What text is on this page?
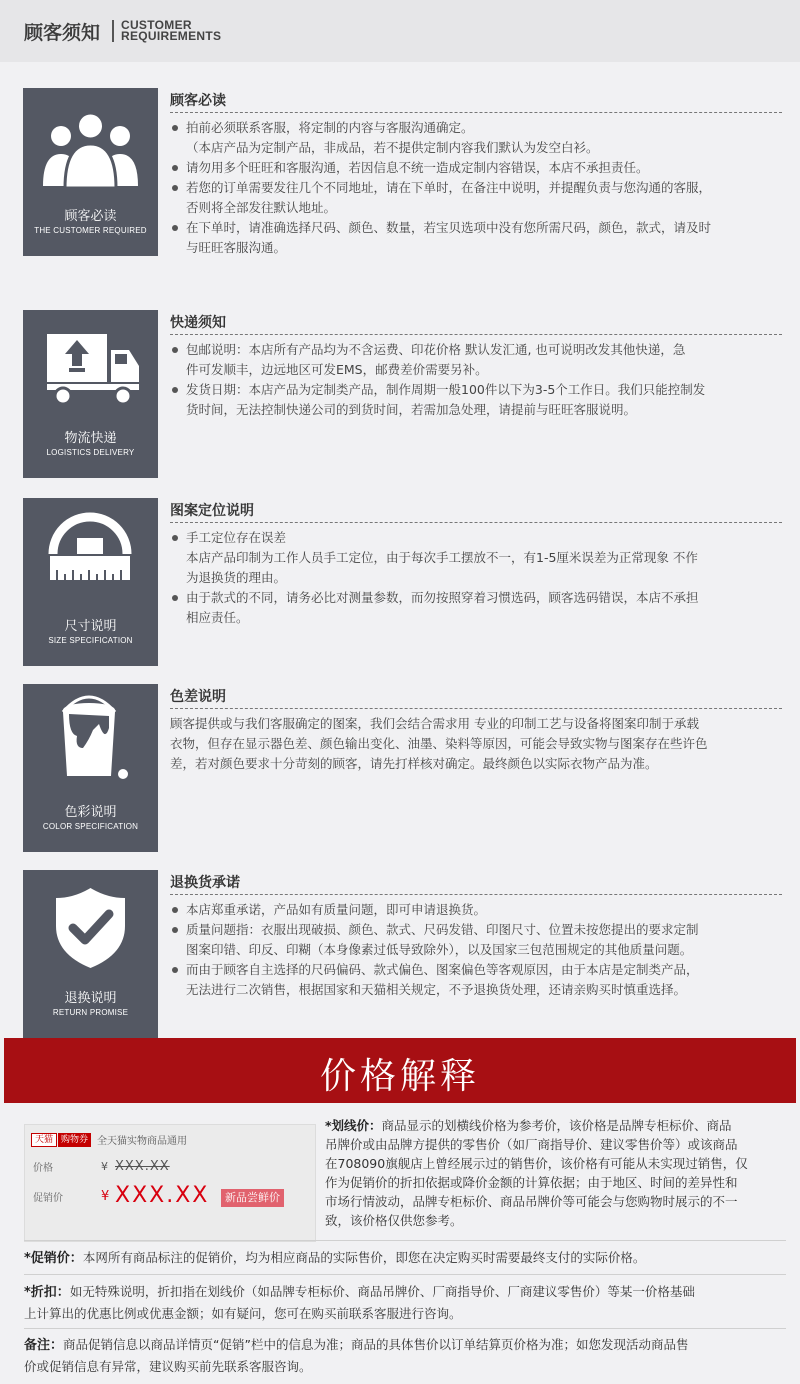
顾客须知 CUSTOMER
REQUIREMENTS
顾客必读
THE CUSTOMER REQUIRED
顾客必读
拍前必须联系客服，将定制的内容与客服沟通确定。
（本店产品为定制产品，非成品，若不提供定制内容我们默认为发空白衫。
请勿用多个旺旺和客服沟通，若因信息不统一造成定制内容错误，本店不承担责任。
若您的订单需要发往几个不同地址，请在下单时，在备注中说明，并提醒负责与您沟通的客服，
否则将全部发往默认地址。
在下单时，请准确选择尺码、颜色、数量，若宝贝选项中没有您所需尺码，颜色，款式，请及时
与旺旺客服沟通。
物流快递
LOGISTICS DELIVERY
快递须知
包邮说明：本店所有产品均为不含运费、印花价格 默认发汇通, 也可说明改发其他快递，急
件可发顺丰，边远地区可发EMS，邮费差价需要另补。
发货日期：本店产品为定制类产品，制作周期一般100件以下为3-5个工作日。我们只能控制发
货时间，无法控制快递公司的到货时间，若需加急处理，请提前与旺旺客服说明。
尺寸说明
SIZE SPECIFICATION
图案定位说明
手工定位存在误差
本店产品印制为工作人员手工定位，由于每次手工摆放不一，有1-5厘米误差为正常现象 不作
为退换货的理由。
由于款式的不同，请务必比对测量参数，而勿按照穿着习惯选码，顾客选码错误，本店不承担
相应责任。
色彩说明
COLOR SPECIFICATION
色差说明
顾客提供或与我们客服确定的图案，我们会结合需求用 专业的印制工艺与设备将图案印制于承载
衣物，但存在显示器色差、颜色输出变化、油墨、染料等原因，可能会导致实物与图案存在些许色
差，若对颜色要求十分苛刻的顾客，请先打样核对确定。最终颜色以实际衣物产品为准。
退换说明
RETURN PROMISE
退换货承诺
本店郑重承诺，产品如有质量问题，即可申请退换货。
质量问题指：衣服出现破损、颜色、款式、尺码发错、印图尺寸、位置未按您提出的要求定制
图案印错、印反、印糊（本身像素过低导致除外），以及国家三包范围规定的其他质量问题。
而由于顾客自主选择的尺码偏码、款式偏色、图案偏色等客观原因，由于本店是定制类产品，
无法进行二次销售，根据国家和天猫相关规定，不予退换货处理，还请亲购买时慎重选择。
价格解释
天猫 购物券 全天猫实物商品通用
价格	¥ XXX.XX
促销价	¥ XXX.XX	新品尝鲜价
*划线价：商品显示的划横线价格为参考价，该价格是品牌专柜标价、商品
吊牌价或由品牌方提供的零售价（如厂商指导价、建议零售价等）或该商品
在708090旗舰店上曾经展示过的销售价，该价格有可能从未实现过销售，仅
作为促销价的折扣依据或降价金额的计算依据；由于地区、时间的差异性和
市场行情波动，品牌专柜标价、商品吊牌价等可能会与您购物时展示的不一
致，该价格仅供您参考。
*促销价：本网所有商品标注的促销价，均为相应商品的实际售价，即您在决定购买时需要最终支付的实际价格。
*折扣：如无特殊说明，折扣指在划线价（如品牌专柜标价、商品吊牌价、厂商指导价、厂商建议零售价）等某一价格基础
上计算出的优惠比例或优惠金额；如有疑问，您可在购买前联系客服进行咨询。
备注：商品促销信息以商品详情页“促销”栏中的信息为准；商品的具体售价以订单结算页价格为准；如您发现活动商品售
价或促销信息有异常，建议购买前先联系客服咨询。
